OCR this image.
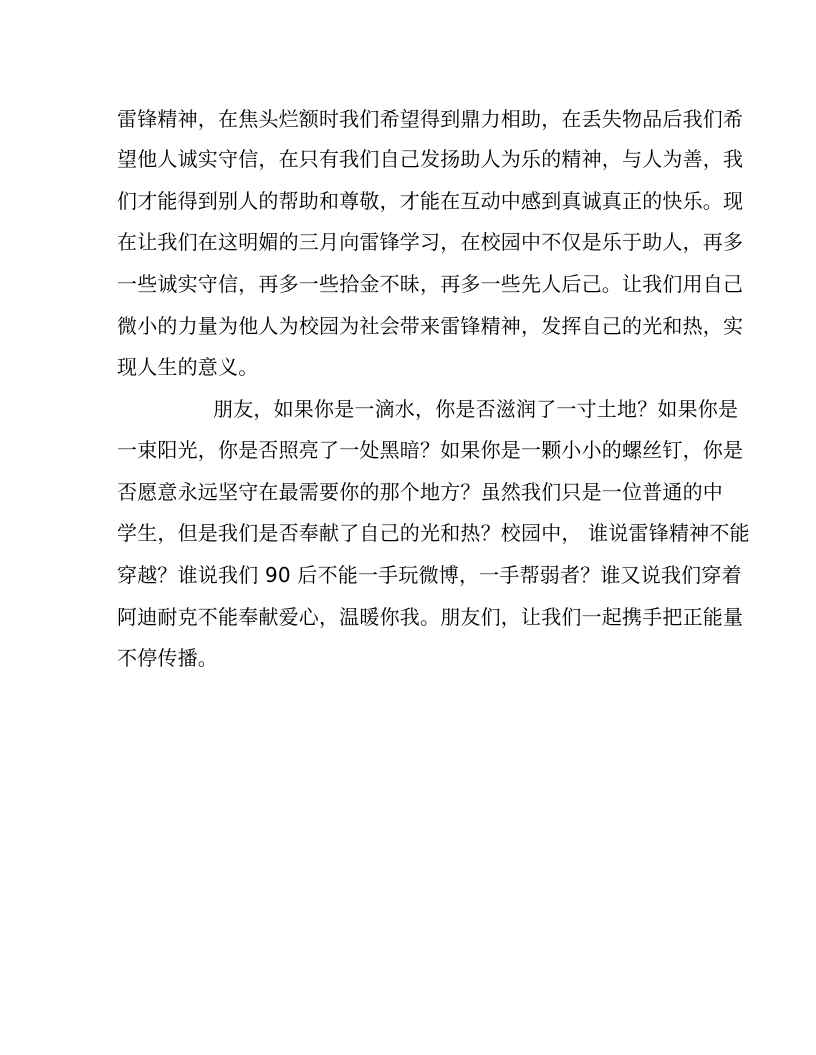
雷锋精神，在焦头烂额时我们希望得到鼎力相助，在丢失物品后我们希
望他人诚实守信，在只有我们自己发扬助人为乐的精神，与人为善，我
们才能得到别人的帮助和尊敬，才能在互动中感到真诚真正的快乐。现
在让我们在这明媚的三月向雷锋学习，在校园中不仅是乐于助人，再多
一些诚实守信，再多一些拾金不昧，再多一些先人后己。让我们用自己
微小的力量为他人为校园为社会带来雷锋精神，发挥自己的光和热，实
现人生的意义。
朋友，如果你是一滴水，你是否滋润了一寸土地？如果你是
一束阳光，你是否照亮了一处黑暗？如果你是一颗小小的螺丝钉，你是
否愿意永远坚守在最需要你的那个地方？虽然我们只是一位普通的中
学生，但是我们是否奉献了自己的光和热？校园中， 谁说雷锋精神不能
穿越？谁说我们 90 后不能一手玩微博，一手帮弱者？谁又说我们穿着
阿迪耐克不能奉献爱心，温暖你我。朋友们，让我们一起携手把正能量
不停传播。
